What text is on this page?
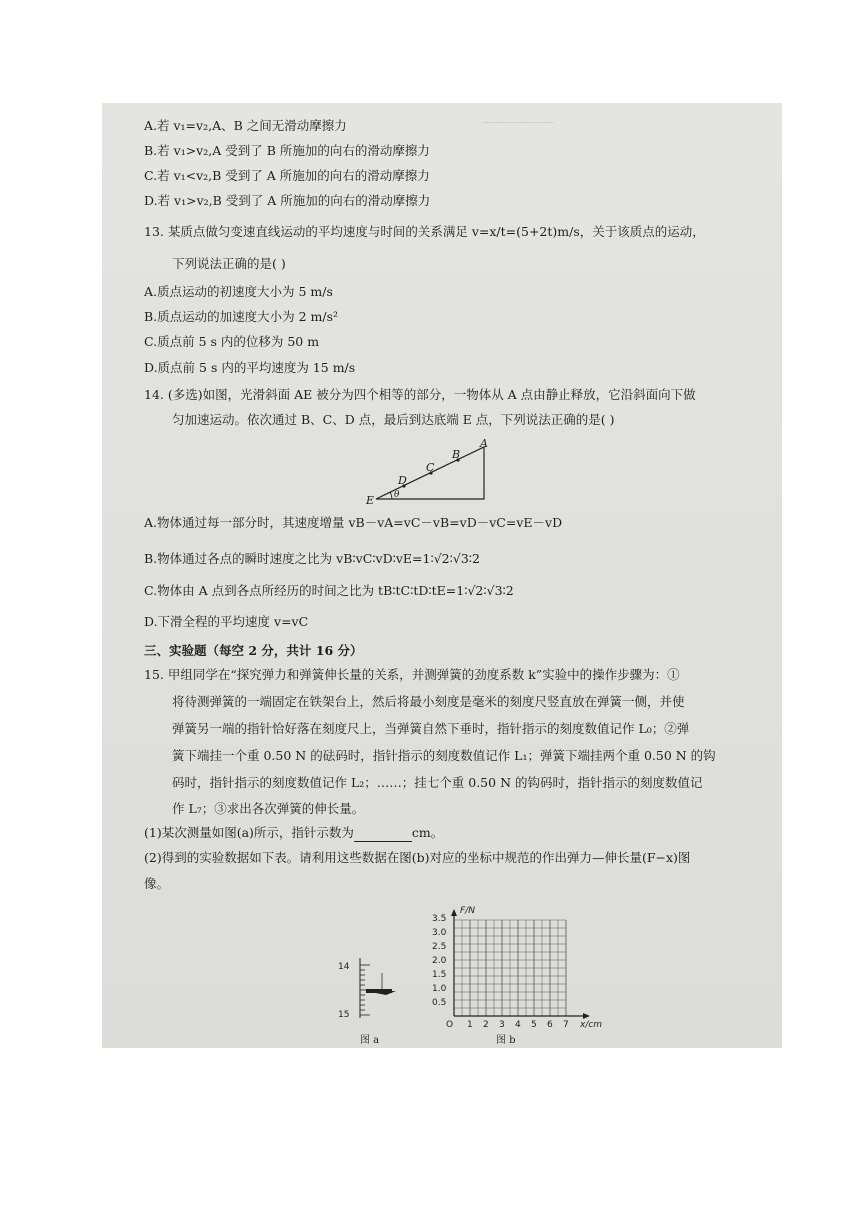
——————
A.若 v₁=v₂,A、B 之间无滑动摩擦力
B.若 v₁>v₂,A 受到了 B 所施加的向右的滑动摩擦力
C.若 v₁<v₂,B 受到了 A 所施加的向右的滑动摩擦力
D.若 v₁>v₂,B 受到了 A 所施加的向右的滑动摩擦力
13. 某质点做匀变速直线运动的平均速度与时间的关系满足 v=x/t=(5+2t)m/s，关于该质点的运动，
下列说法正确的是( )
A.质点运动的初速度大小为 5 m/s
B.质点运动的加速度大小为 2 m/s²
C.质点前 5 s 内的位移为 50 m
D.质点前 5 s 内的平均速度为 15 m/s
14. (多选)如图，光滑斜面 AE 被分为四个相等的部分，一物体从 A 点由静止释放，它沿斜面向下做
匀加速运动。依次通过 B、C、D 点，最后到达底端 E 点，下列说法正确的是( )
A
B
C
D
E θ
A.物体通过每一部分时，其速度增量 vB－vA=vC－vB=vD－vC=vE－vD
B.物体通过各点的瞬时速度之比为 vB∶vC∶vD∶vE=1∶√2∶√3∶2
C.物体由 A 点到各点所经历的时间之比为 tB∶tC∶tD∶tE=1∶√2∶√3∶2
D.下滑全程的平均速度 v=vC
三、实验题（每空 2 分，共计 16 分）
15. 甲组同学在“探究弹力和弹簧伸长量的关系，并测弹簧的劲度系数 k”实验中的操作步骤为：①
将待测弹簧的一端固定在铁架台上，然后将最小刻度是毫米的刻度尺竖直放在弹簧一侧，并使
弹簧另一端的指针恰好落在刻度尺上，当弹簧自然下垂时，指针指示的刻度数值记作 L₀；②弹
簧下端挂一个重 0.50 N 的砝码时，指针指示的刻度数值记作 L₁；弹簧下端挂两个重 0.50 N 的钩
码时，指针指示的刻度数值记作 L₂；……；挂七个重 0.50 N 的钩码时，指针指示的刻度数值记
作 L₇；③求出各次弹簧的伸长量。
(1)某次测量如图(a)所示，指针示数为	cm。
(2)得到的实验数据如下表。请利用这些数据在图(b)对应的坐标中规范的作出弹力—伸长量(F−x)图
像。
14
15
图 a
F/N
x/cm
0.5
1.0
1.5
2.0
2.5
3.0
3.5
O 1 2 3 4 5 6 7
图 b
